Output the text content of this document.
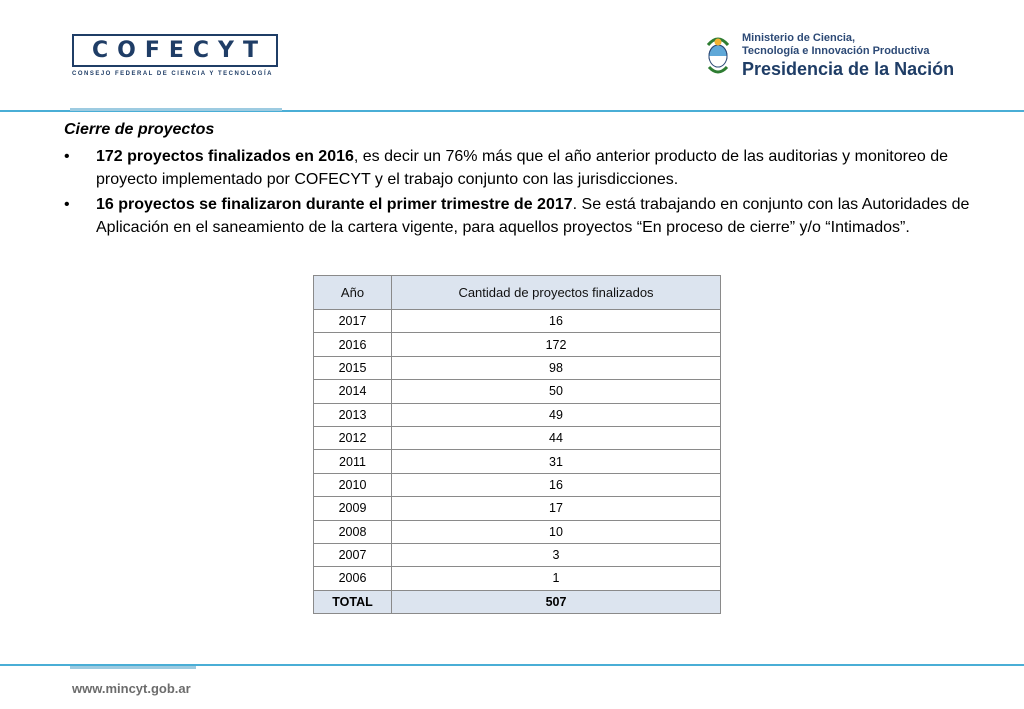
COFECYT
CONSEJO FEDERAL DE CIENCIA Y TECNOLOGÍA
Ministerio de Ciencia,
Tecnología e Innovación Productiva
Presidencia de la Nación
Cierre de proyectos
• 172 proyectos finalizados en 2016, es decir un 76% más que el año anterior producto de las auditorias y monitoreo de proyecto implementado por COFECYT y el trabajo conjunto con las jurisdicciones.
• 16 proyectos se finalizaron durante el primer trimestre de 2017. Se está trabajando en conjunto con las Autoridades de Aplicación en el saneamiento de la cartera vigente, para aquellos proyectos “En proceso de cierre” y/o “Intimados”.
Año	Cantidad de proyectos finalizados
2017	16
2016	172
2015	98
2014	50
2013	49
2012	44
2011	31
2010	16
2009	17
2008	10
2007	3
2006	1
TOTAL	507
www.mincyt.gob.ar
